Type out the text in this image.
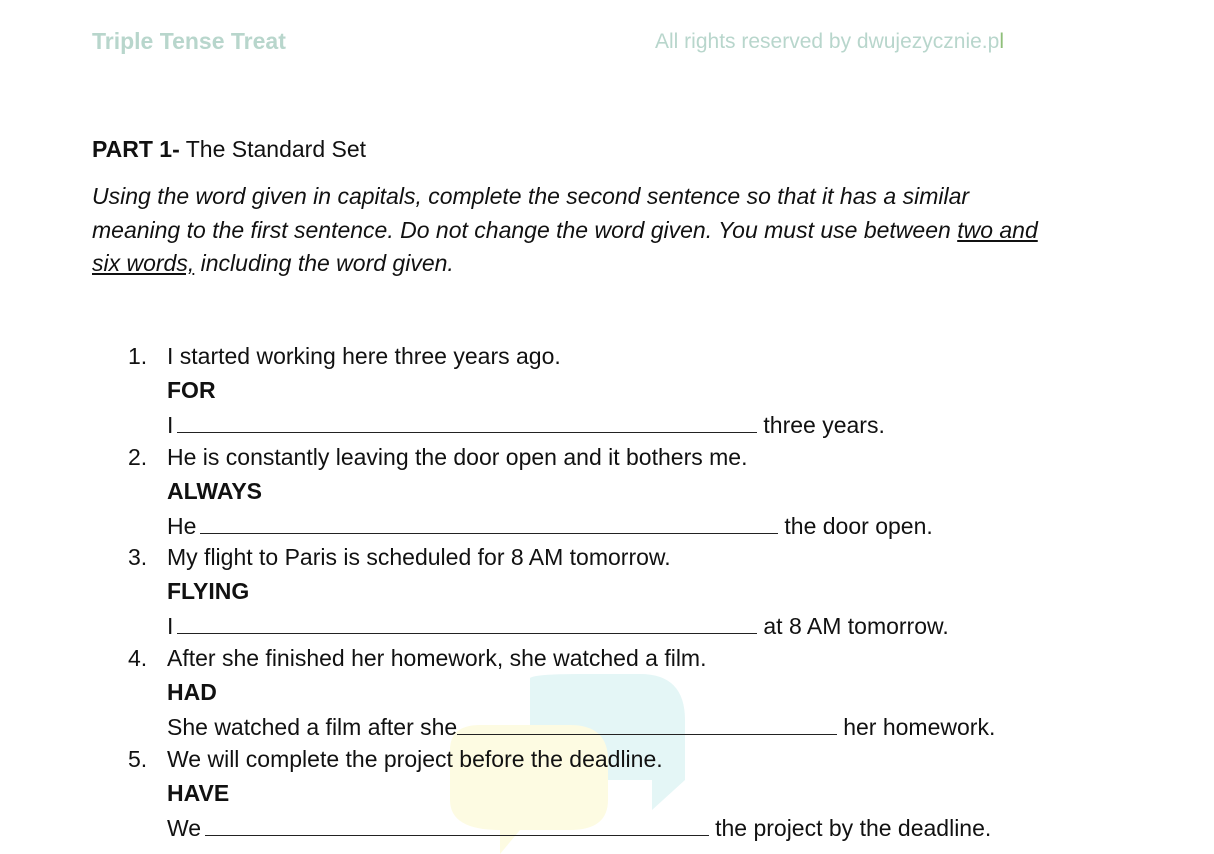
Triple Tense Treat	All rights reserved by dwujezycznie.pl
PART 1- The Standard Set
Using the word given in capitals, complete the second sentence so that it has a similar meaning to the first sentence. Do not change the word given. You must use between two and six words, including the word given.
1. I started working here three years ago.
FOR
I	three years.
2. He is constantly leaving the door open and it bothers me.
ALWAYS
He	the door open.
3. My flight to Paris is scheduled for 8 AM tomorrow.
FLYING
I	at 8 AM tomorrow.
4. After she finished her homework, she watched a film.
HAD
She watched a film after she	her homework.
5. We will complete the project before the deadline.
HAVE
We	the project by the deadline.
